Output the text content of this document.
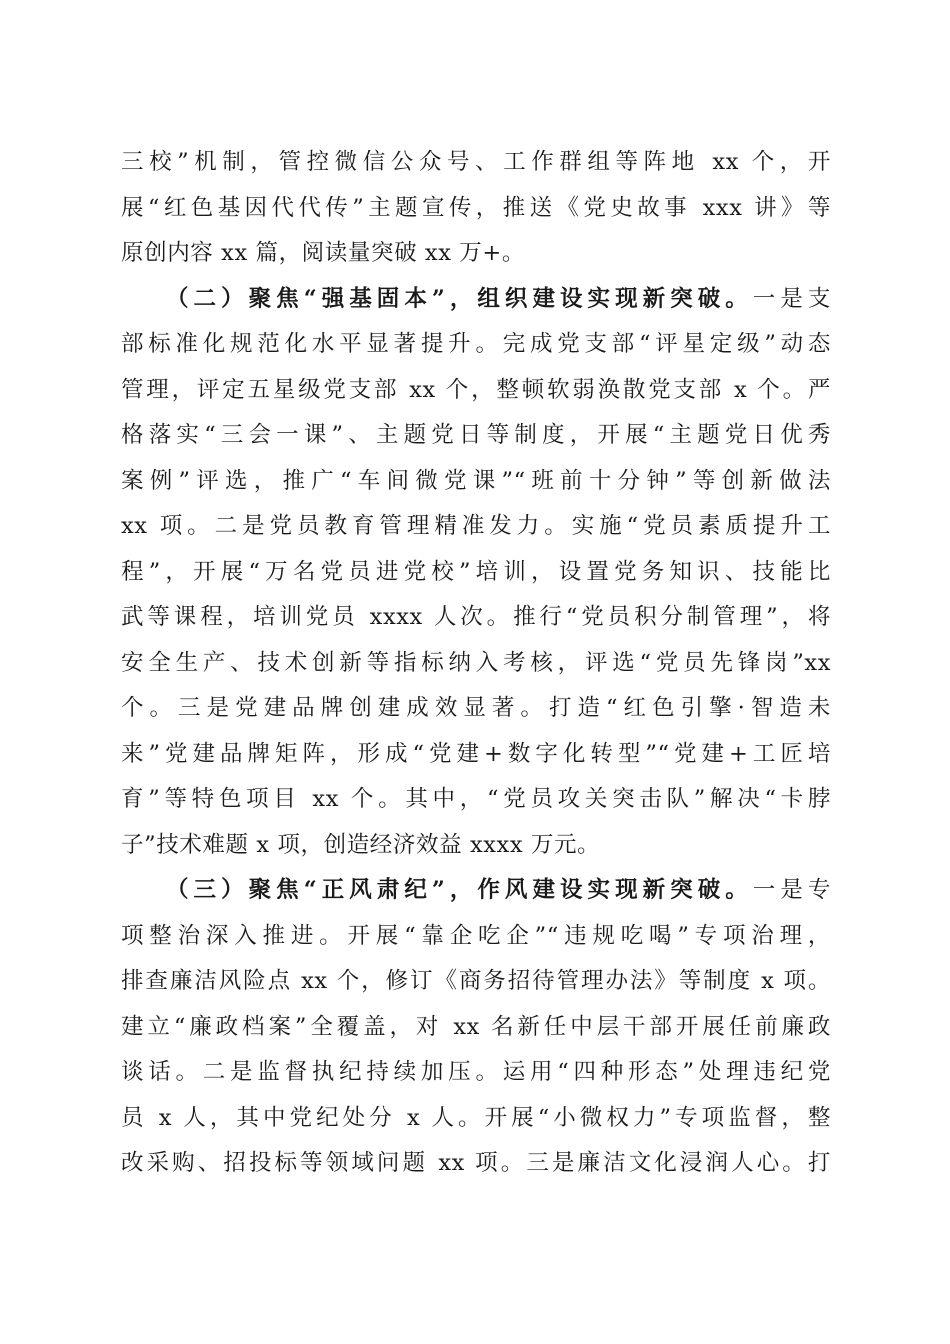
三校”机制，管控微信公众号、工作群组等阵地 xx 个，开
展“红色基因代代传”主题宣传，推送《党史故事 xxx 讲》等
原创内容 xx 篇，阅读量突破 xx 万+。
（二）聚焦“强基固本”，组织建设实现新突破。一是支
部标准化规范化水平显著提升。完成党支部“评星定级”动态
管理，评定五星级党支部 xx 个，整顿软弱涣散党支部 x 个。严
格落实“三会一课”、主题党日等制度，开展“主题党日优秀
案例”评选，推广“车间微党课”“班前十分钟”等创新做法
xx 项。二是党员教育管理精准发力。实施“党员素质提升工
程”，开展“万名党员进党校”培训，设置党务知识、技能比
武等课程，培训党员 xxxx 人次。推行“党员积分制管理”，将
安全生产、技术创新等指标纳入考核，评选“党员先锋岗”xx
个。三是党建品牌创建成效显著。打造“红色引擎·智造未
来”党建品牌矩阵，形成“党建+数字化转型”“党建+工匠培
育”等特色项目 xx 个。其中，“党员攻关突击队”解决“卡脖
子”技术难题 x 项，创造经济效益 xxxx 万元。
（三）聚焦“正风肃纪”，作风建设实现新突破。一是专
项整治深入推进。开展“靠企吃企”“违规吃喝”专项治理，
排查廉洁风险点 xx 个，修订《商务招待管理办法》等制度 x 项。
建立“廉政档案”全覆盖，对 xx 名新任中层干部开展任前廉政
谈话。二是监督执纪持续加压。运用“四种形态”处理违纪党
员 x 人，其中党纪处分 x 人。开展“小微权力”专项监督，整
改采购、招投标等领域问题 xx 项。三是廉洁文化浸润人心。打
